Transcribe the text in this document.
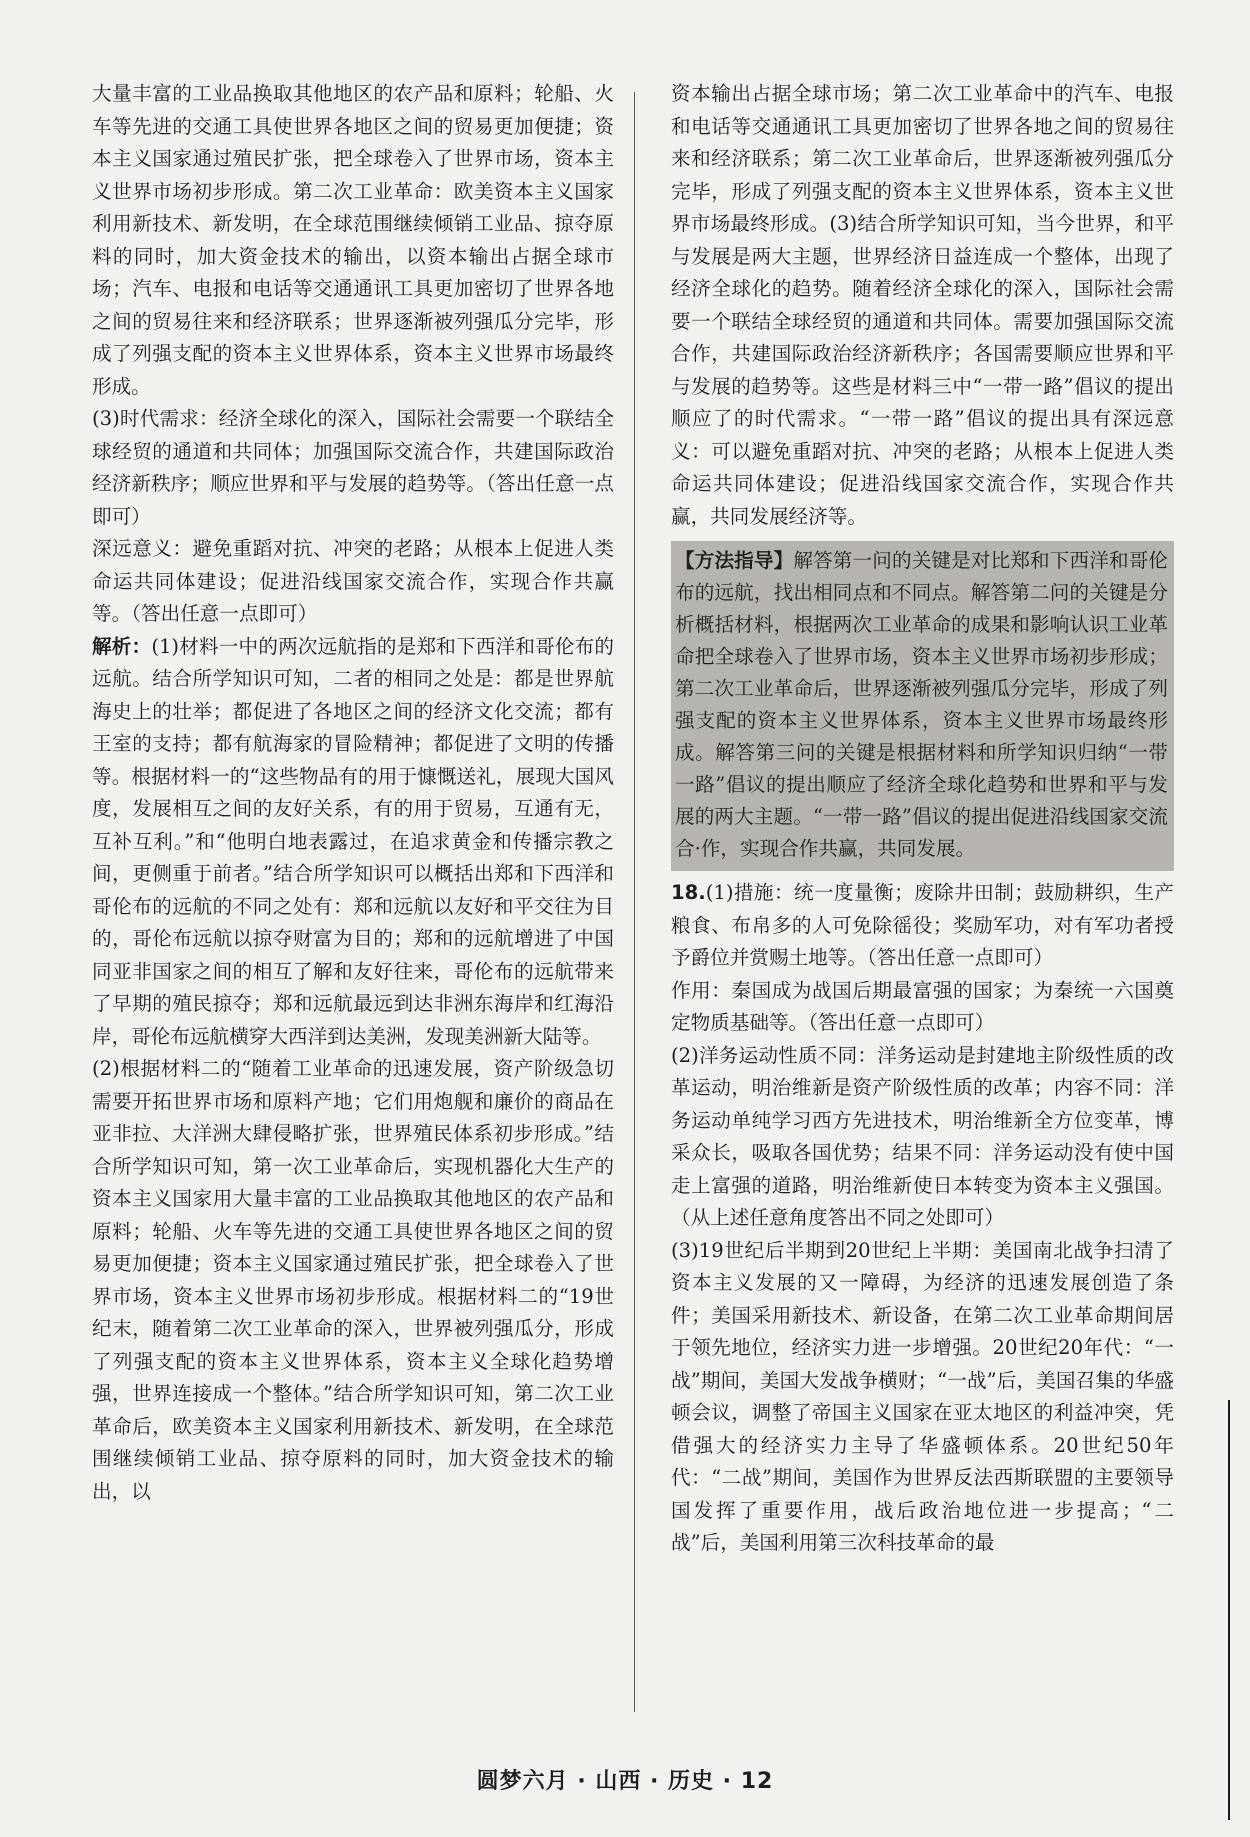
大量丰富的工业品换取其他地区的农产品和原料；轮船、火车等先进的交通工具使世界各地区之间的贸易更加便捷；资本主义国家通过殖民扩张，把全球卷入了世界市场，资本主义世界市场初步形成。第二次工业革命：欧美资本主义国家利用新技术、新发明，在全球范围继续倾销工业品、掠夺原料的同时，加大资金技术的输出，以资本输出占据全球市场；汽车、电报和电话等交通通讯工具更加密切了世界各地之间的贸易往来和经济联系；世界逐渐被列强瓜分完毕，形成了列强支配的资本主义世界体系，资本主义世界市场最终形成。

(3)时代需求：经济全球化的深入，国际社会需要一个联结全球经贸的通道和共同体；加强国际交流合作，共建国际政治经济新秩序；顺应世界和平与发展的趋势等。（答出任意一点即可）

深远意义：避免重蹈对抗、冲突的老路；从根本上促进人类命运共同体建设；促进沿线国家交流合作，实现合作共赢等。（答出任意一点即可）

解析：(1)材料一中的两次远航指的是郑和下西洋和哥伦布的远航。结合所学知识可知，二者的相同之处是：都是世界航海史上的壮举；都促进了各地区之间的经济文化交流；都有王室的支持；都有航海家的冒险精神；都促进了文明的传播等。根据材料一的“这些物品有的用于慷慨送礼，展现大国风度，发展相互之间的友好关系，有的用于贸易，互通有无，互补互利。”和“他明白地表露过，在追求黄金和传播宗教之间，更侧重于前者。”结合所学知识可以概括出郑和下西洋和哥伦布的远航的不同之处有：郑和远航以友好和平交往为目的，哥伦布远航以掠夺财富为目的；郑和的远航增进了中国同亚非国家之间的相互了解和友好往来，哥伦布的远航带来了早期的殖民掠夺；郑和远航最远到达非洲东海岸和红海沿岸，哥伦布远航横穿大西洋到达美洲，发现美洲新大陆等。

(2)根据材料二的“随着工业革命的迅速发展，资产阶级急切需要开拓世界市场和原料产地；它们用炮舰和廉价的商品在亚非拉、大洋洲大肆侵略扩张，世界殖民体系初步形成。”结合所学知识可知，第一次工业革命后，实现机器化大生产的资本主义国家用大量丰富的工业品换取其他地区的农产品和原料；轮船、火车等先进的交通工具使世界各地区之间的贸易更加便捷；资本主义国家通过殖民扩张，把全球卷入了世界市场，资本主义世界市场初步形成。根据材料二的“19世纪末，随着第二次工业革命的深入，世界被列强瓜分，形成了列强支配的资本主义世界体系，资本主义全球化趋势增强，世界连接成一个整体。”结合所学知识可知，第二次工业革命后，欧美资本主义国家利用新技术、新发明，在全球范围继续倾销工业品、掠夺原料的同时，加大资金技术的输出，以

资本输出占据全球市场；第二次工业革命中的汽车、电报和电话等交通通讯工具更加密切了世界各地之间的贸易往来和经济联系；第二次工业革命后，世界逐渐被列强瓜分完毕，形成了列强支配的资本主义世界体系，资本主义世界市场最终形成。(3)结合所学知识可知，当今世界，和平与发展是两大主题，世界经济日益连成一个整体，出现了经济全球化的趋势。随着经济全球化的深入，国际社会需要一个联结全球经贸的通道和共同体。需要加强国际交流合作，共建国际政治经济新秩序；各国需要顺应世界和平与发展的趋势等。这些是材料三中“一带一路”倡议的提出顺应了的时代需求。“一带一路”倡议的提出具有深远意义：可以避免重蹈对抗、冲突的老路；从根本上促进人类命运共同体建设；促进沿线国家交流合作，实现合作共赢，共同发展经济等。

【方法指导】解答第一问的关键是对比郑和下西洋和哥伦布的远航，找出相同点和不同点。解答第二问的关键是分析概括材料，根据两次工业革命的成果和影响认识工业革命把全球卷入了世界市场，资本主义世界市场初步形成；第二次工业革命后，世界逐渐被列强瓜分完毕，形成了列强支配的资本主义世界体系，资本主义世界市场最终形成。解答第三问的关键是根据材料和所学知识归纳“一带一路”倡议的提出顺应了经济全球化趋势和世界和平与发展的两大主题。“一带一路”倡议的提出促进沿线国家交流合·作，实现合作共赢，共同发展。

18.(1)措施：统一度量衡；废除井田制；鼓励耕织，生产粮食、布帛多的人可免除徭役；奖励军功，对有军功者授予爵位并赏赐土地等。（答出任意一点即可）

作用：秦国成为战国后期最富强的国家；为秦统一六国奠定物质基础等。（答出任意一点即可）

(2)洋务运动性质不同：洋务运动是封建地主阶级性质的改革运动，明治维新是资产阶级性质的改革；内容不同：洋务运动单纯学习西方先进技术，明治维新全方位变革，博采众长，吸取各国优势；结果不同：洋务运动没有使中国走上富强的道路，明治维新使日本转变为资本主义强国。（从上述任意角度答出不同之处即可）

(3)19世纪后半期到20世纪上半期：美国南北战争扫清了资本主义发展的又一障碍，为经济的迅速发展创造了条件；美国采用新技术、新设备，在第二次工业革命期间居于领先地位，经济实力进一步增强。20世纪20年代：“一战”期间，美国大发战争横财；“一战”后，美国召集的华盛顿会议，调整了帝国主义国家在亚太地区的利益冲突，凭借强大的经济实力主导了华盛顿体系。20世纪50年代：“二战”期间，美国作为世界反法西斯联盟的主要领导国发挥了重要作用，战后政治地位进一步提高；“二战”后，美国利用第三次科技革命的最

圆梦六月 · 山西 · 历史 · 12
